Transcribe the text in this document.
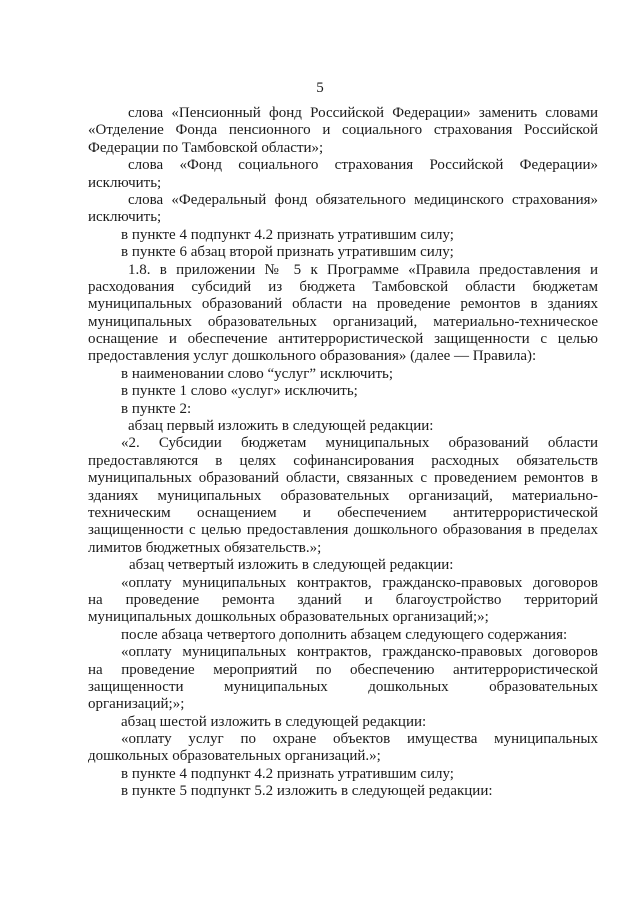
5
слова «Пенсионный фонд Российской Федерации» заменить словами
«Отделение Фонда пенсионного и социального страхования Российской
Федерации по Тамбовской области»;
слова «Фонд социального страхования Российской Федерации»
исключить;
слова «Федеральный фонд обязательного медицинского страхования»
исключить;
в пункте 4 подпункт 4.2 признать утратившим силу;
в пункте 6 абзац второй признать утратившим силу;
1.8. в приложении № 5 к Программе «Правила предоставления и
расходования субсидий из бюджета Тамбовской области бюджетам
муниципальных образований области на проведение ремонтов в зданиях
муниципальных образовательных организаций, материально-техническое
оснащение и обеспечение антитеррористической защищенности с целью
предоставления услуг дошкольного образования» (далее — Правила):
в наименовании слово “услуг” исключить;
в пункте 1 слово «услуг» исключить;
в пункте 2:
абзац первый изложить в следующей редакции:
«2. Субсидии бюджетам муниципальных образований области
предоставляются в целях софинансирования расходных обязательств
муниципальных образований области, связанных с проведением ремонтов в
зданиях муниципальных образовательных организаций, материально-
техническим оснащением и обеспечением антитеррористической
защищенности с целью предоставления дошкольного образования в пределах
лимитов бюджетных обязательств.»;
абзац четвертый изложить в следующей редакции:
«оплату муниципальных контрактов, гражданско-правовых договоров
на проведение ремонта зданий и благоустройство территорий
муниципальных дошкольных образовательных организаций;»;
после абзаца четвертого дополнить абзацем следующего содержания:
«оплату муниципальных контрактов, гражданско-правовых договоров
на проведение мероприятий по обеспечению антитеррористической
защищенности муниципальных дошкольных образовательных
организаций;»;
абзац шестой изложить в следующей редакции:
«оплату услуг по охране объектов имущества муниципальных
дошкольных образовательных организаций.»;
в пункте 4 подпункт 4.2 признать утратившим силу;
в пункте 5 подпункт 5.2 изложить в следующей редакции:
